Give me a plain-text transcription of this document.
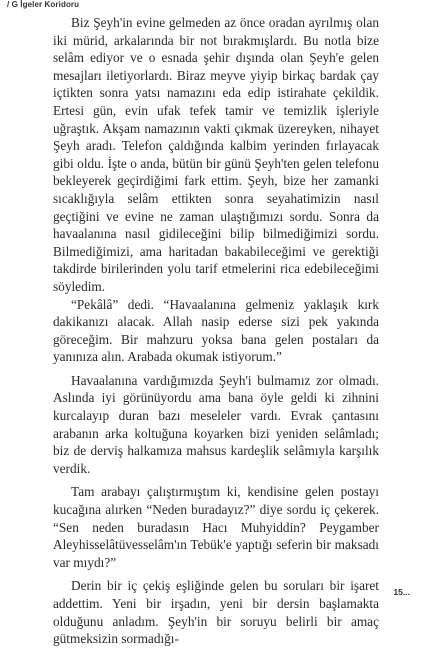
/ G İgeler Koridoru

Biz Şeyh'in evine gelmeden az önce oradan ayrılmış olan iki mürid, arkalarında bir not bırakmışlardı. Bu notla bize selâm ediyor ve o esnada şehir dışında olan Şeyh'e gelen mesajları iletiyorlardı. Biraz meyve yiyip birkaç bardak çay içtikten sonra yatsı namazını eda edip istirahate çekildik. Ertesi gün, evin ufak tefek tamir ve temizlik işleriyle uğraştık. Akşam namazının vakti çıkmak üzereyken, nihayet Şeyh aradı. Telefon çaldığında kalbim yerinden fırlayacak gibi oldu. İşte o anda, bütün bir günü Şeyh'ten gelen telefonu bekleyerek geçirdiğimi fark ettim. Şeyh, bize her zamanki sıcaklığıyla selâm ettikten sonra seyahatimizin nasıl geçtiğini ve evine ne zaman ulaştığımızı sordu. Sonra da havaalanına nasıl gidileceğini bilip bilmediğimizi sordu. Bilmediğimizi, ama haritadan bakabileceğimi ve gerektiği takdirde birilerinden yolu tarif etmelerini rica edebileceğimi söyledim.

“Pekâlâ” dedi. “Havaalanına gelmeniz yaklaşık kırk dakikanızı alacak. Allah nasip ederse sizi pek yakında göreceğim. Bir mahzuru yoksa bana gelen postaları da yanınıza alın. Arabada okumak istiyorum.”

Havaalanına vardığımızda Şeyh'i bulmamız zor olmadı. Aslında iyi görünüyordu ama bana öyle geldi ki zihnini kurcalayıp duran bazı meseleler vardı. Evrak çantasını arabanın arka koltuğuna koyarken bizi yeniden selâmladı; biz de derviş halkamıza mahsus kardeşlik selâmıyla karşılık verdik.

Tam arabayı çalıştırmıştım ki, kendisine gelen postayı kucağına alırken “Neden buradayız?” diye sordu iç çekerek. “Sen neden buradasın Hacı Muhyiddin? Peygamber Aleyhisselâtüvesselâm'ın Tebük'e yaptığı seferin bir maksadı var mıydı?”

Derin bir iç çekiş eşliğinde gelen bu soruları bir işaret addettim. Yeni bir irşadın, yeni bir dersin başlamakta olduğunu anladım. Şeyh'in bir soruyu belirli bir amaç gütmeksizin sormadığı-

15...
